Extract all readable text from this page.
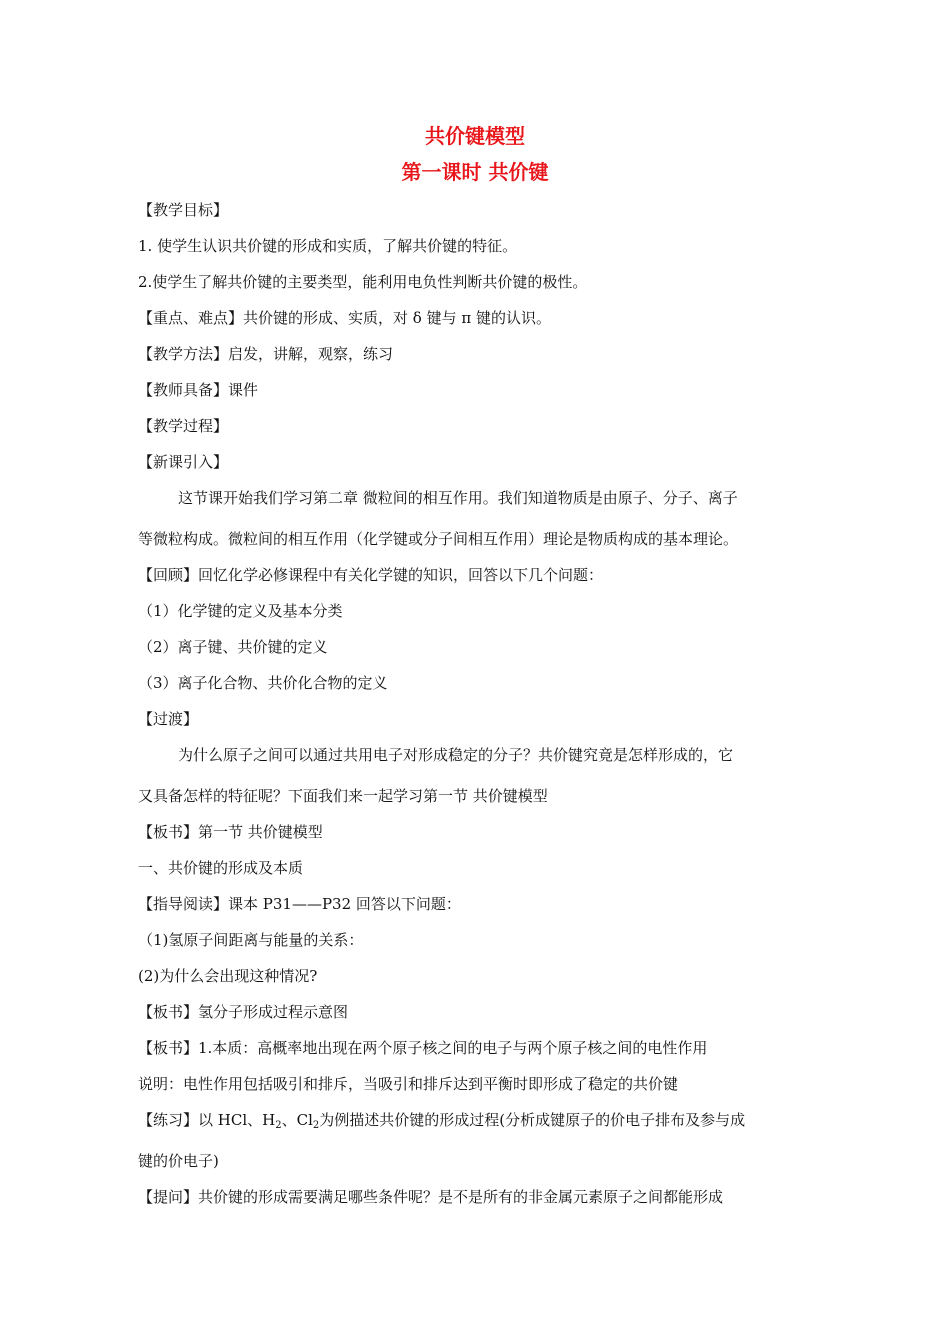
共价键模型
第一课时 共价键

【教学目标】

1. 使学生认识共价键的形成和实质，了解共价键的特征。

2.使学生了解共价键的主要类型，能利用电负性判断共价键的极性。

【重点、难点】共价键的形成、实质，对 δ 键与 π 键的认识。

【教学方法】启发，讲解，观察，练习

【教师具备】课件

【教学过程】

【新课引入】

这节课开始我们学习第二章 微粒间的相互作用。我们知道物质是由原子、分子、离子

等微粒构成。微粒间的相互作用（化学键或分子间相互作用）理论是物质构成的基本理论。

【回顾】回忆化学必修课程中有关化学键的知识，回答以下几个问题：

（1）化学键的定义及基本分类

（2）离子键、共价键的定义

（3）离子化合物、共价化合物的定义

【过渡】

为什么原子之间可以通过共用电子对形成稳定的分子？共价键究竟是怎样形成的，它

又具备怎样的特征呢？下面我们来一起学习第一节 共价键模型

【板书】第一节 共价键模型

一、共价键的形成及本质

【指导阅读】课本 P31——P32 回答以下问题：

（1)氢原子间距离与能量的关系：

(2)为什么会出现这种情况?

【板书】氢分子形成过程示意图

【板书】1.本质：高概率地出现在两个原子核之间的电子与两个原子核之间的电性作用

说明：电性作用包括吸引和排斥，当吸引和排斥达到平衡时即形成了稳定的共价键

【练习】以 HCl、$H_2$、$Cl_2$为例描述共价键的形成过程(分析成键原子的价电子排布及参与成

键的价电子)

【提问】共价键的形成需要满足哪些条件呢？是不是所有的非金属元素原子之间都能形成
